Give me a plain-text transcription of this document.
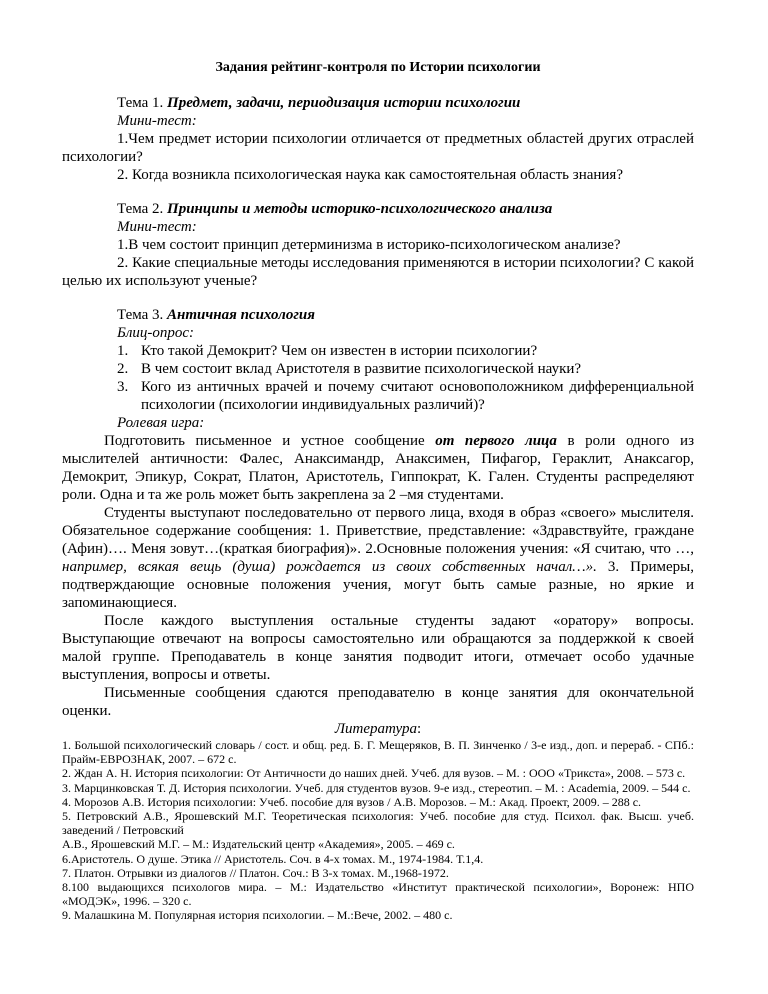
Задания рейтинг-контроля по Истории психологии

Тема 1. Предмет, задачи, периодизация истории психологии

Мини-тест:

1.Чем предмет истории психологии отличается от предметных областей других отраслей психологии?

2. Когда возникла психологическая наука как самостоятельная область знания?

Тема 2. Принципы и методы историко-психологического анализа

Мини-тест:

1.В чем состоит принцип детерминизма в историко-психологическом анализе?

2. Какие специальные методы исследования применяются в истории психологии? С какой целью их используют ученые?

Тема 3. Античная психология

Блиц-опрос:

1. Кто такой Демокрит? Чем он известен в истории психологии?
2. В чем состоит вклад Аристотеля в развитие психологической науки?
3. Кого из античных врачей и почему считают основоположником дифференциальной психологии (психологии индивидуальных различий)?

Ролевая игра:

Подготовить письменное и устное сообщение от первого лица в роли одного из мыслителей античности: Фалес, Анаксимандр, Анаксимен, Пифагор, Гераклит, Анаксагор, Демокрит, Эпикур, Сократ, Платон, Аристотель, Гиппократ, К. Гален. Студенты распределяют роли. Одна и та же роль может быть закреплена за 2 –мя студентами.

Студенты выступают последовательно от первого лица, входя в образ «своего» мыслителя. Обязательное содержание сообщения: 1. Приветствие, представление: «Здравствуйте, граждане (Афин)…. Меня зовут…(краткая биография)». 2.Основные положения учения: «Я считаю, что …, например, всякая вещь (душа) рождается из своих собственных начал…». 3. Примеры, подтверждающие основные положения учения, могут быть самые разные, но яркие и запоминающиеся.

После каждого выступления остальные студенты задают «оратору» вопросы. Выступающие отвечают на вопросы самостоятельно или обращаются за поддержкой к своей малой группе. Преподаватель в конце занятия подводит итоги, отмечает особо удачные выступления, вопросы и ответы.

Письменные сообщения сдаются преподавателю в конце занятия для окончательной оценки.

Литература:

1. Большой психологический словарь / сост. и общ. ред. Б. Г. Мещеряков, В. П. Зинченко / 3-е изд., доп. и перераб. - СПб.: Прайм-ЕВРОЗНАК, 2007. – 672 с.

2. Ждан А. Н. История психологии: От Античности до наших дней. Учеб. для вузов. – М. : ООО «Трикста», 2008. – 573 с.

3. Марцинковская Т. Д. История психологии. Учеб. для студентов вузов. 9-е изд., стереотип. – М. : Academia, 2009. – 544 с.

4. Морозов А.В. История психологии: Учеб. пособие для вузов / А.В. Морозов. – М.: Акад. Проект, 2009. – 288 с.

5. Петровский А.В., Ярошевский М.Г. Теоретическая психология: Учеб. пособие для студ. Психол. фак. Высш. учеб. заведений / Петровский

А.В., Ярошевский М.Г. – М.: Издательский центр «Академия», 2005. – 469 с.

6.Аристотель. О душе. Этика // Аристотель. Соч. в 4-х томах. М., 1974-1984. Т.1,4.

7. Платон. Отрывки из диалогов // Платон. Соч.: В 3-х томах. М.,1968-1972.

8.100 выдающихся психологов мира. – М.: Издательство «Институт практической психологии», Воронеж: НПО «МОДЭК», 1996. – 320 с.

9. Малашкина М. Популярная история психологии. – М.:Вече, 2002. – 480 с.
